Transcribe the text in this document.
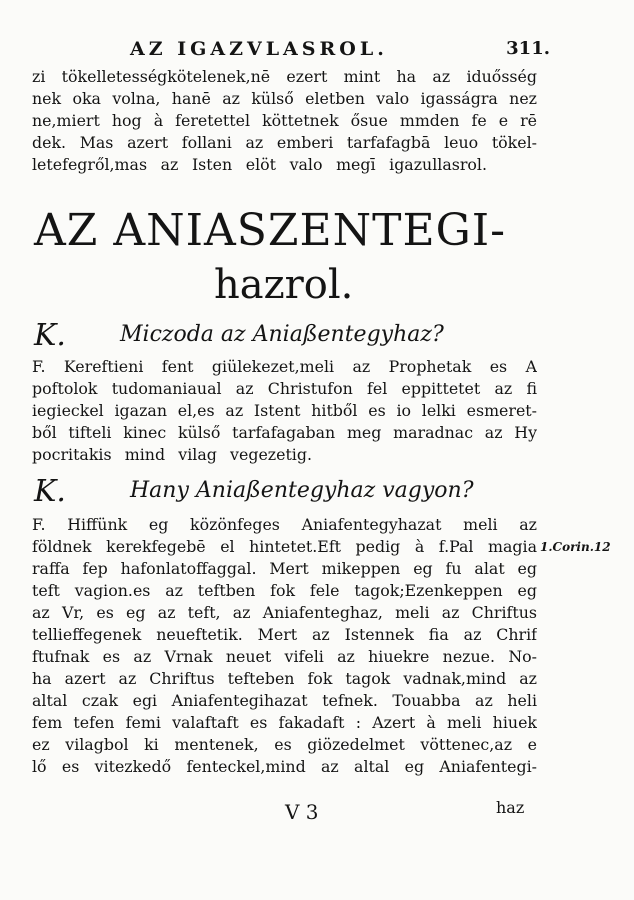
AZ IGAZVLASROL.	311.
zi tökelletességkötelenek,nē ezert mint ha az iduősség
nek oka volna, hanē az külső eletben valo igasságra nez
ne,miert hog à feretettel köttetnek ősue mmden fe e rē
dek. Mas azert follani az emberi tarfafagbā leuo tökel-
letefegről,mas az Isten elöt valo megī igazullasrol.
AZ ANIASZENTEGI-
hazrol.
K. Miczoda az Aniaßentegyhaz?
F. Kereftieni fent giülekezet,meli az Prophetak es A
poftolok tudomaniaual az Christufon fel eppittetet az fi
iegieckel igazan el,es az Istent hitből es io lelki esmeret-
ből tifteli kinec külső tarfafagaban meg maradnac az Hy
pocritakis mind vilag vegezetig.
K.	Hany Aniaßentegyhaz vagyon?
F. Hiffünk eg közönfeges Aniafentegyhazat meli az
földnek kerekfegebē el hintetet.Eft pedig à f.Pal magia
raffa fep hafonlatoffaggal. Mert mikeppen eg fu alat eg
teft vagion.es az teftben fok fele tagok;Ezenkeppen eg
az Vr, es eg az teft, az Aniafenteghaz, meli az Chriftus
tellieffegenek neueftetik. Mert az Istennek fia az Chrif
ftufnak es az Vrnak neuet vifeli az hiuekre nezue. No-
ha azert az Chriftus tefteben fok tagok vadnak,mind az
altal czak egi Aniafentegihazat tefnek. Touabba az heli
fem tefen femi valaftaft es fakadaft : Azert à meli hiuek
ez vilagbol ki mentenek, es giözedelmet vöttenec,az e
lő es vitezkedő fenteckel,mind az altal eg Aniafentegi-
1.Corin.12
V 3	haz
